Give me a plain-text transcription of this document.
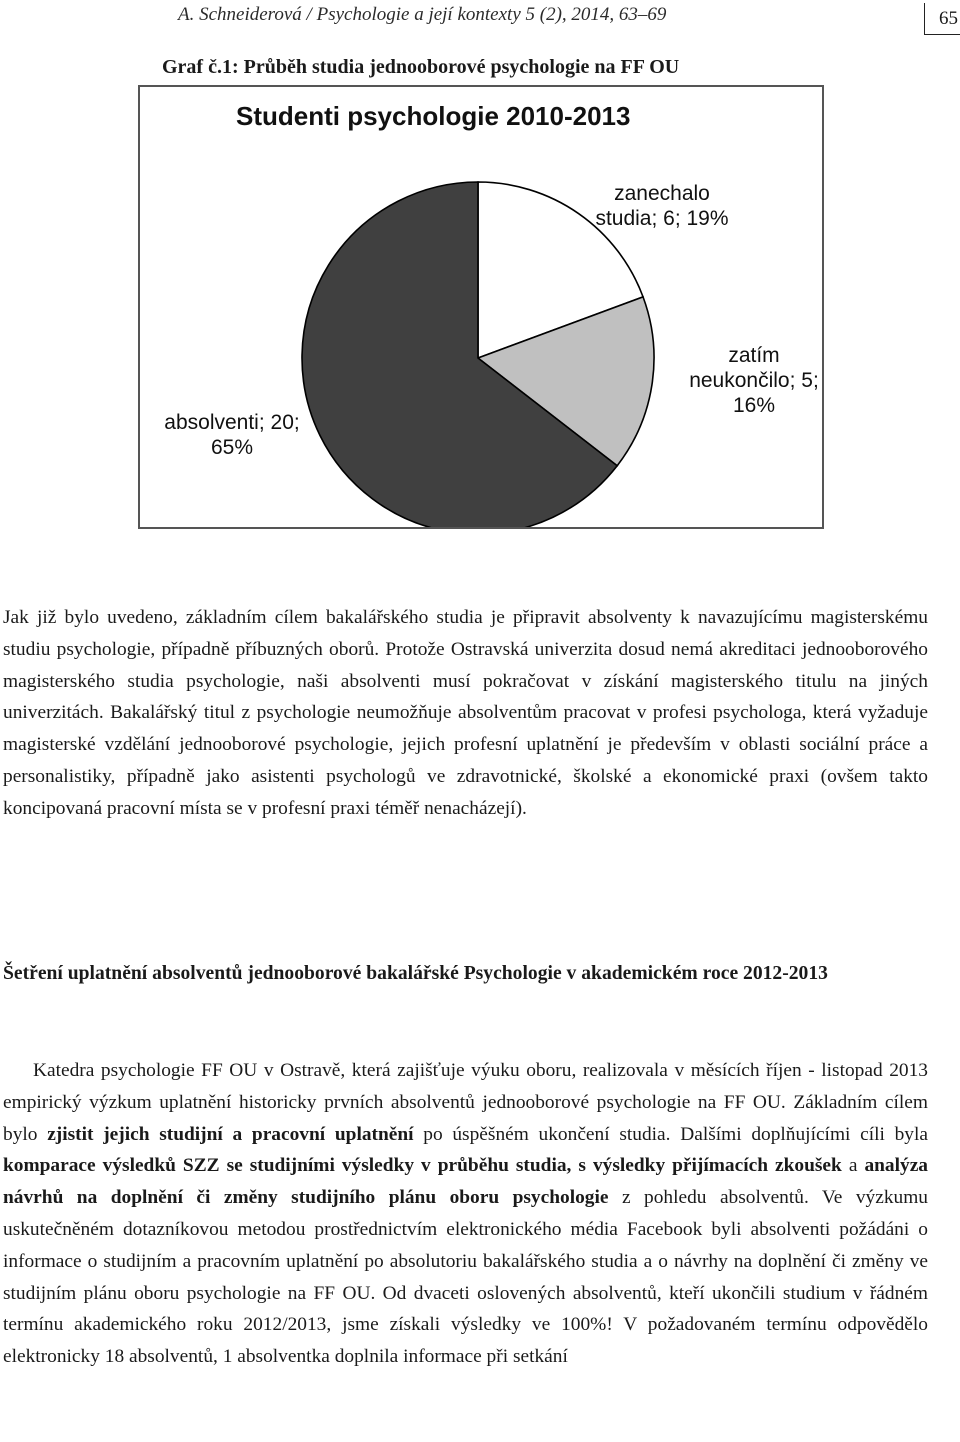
A. Schneiderová / Psychologie a její kontexty 5 (2), 2014, 63–69	65
Graf č.1: Průběh studia jednooborové psychologie na FF OU
Studenti psychologie 2010-2013
zanechalo studia; 6; 19%
zatím neukončilo; 5; 16%
absolventi; 20; 65%

Jak již bylo uvedeno, základním cílem bakalářského studia je připravit absolventy k navazujícímu magisterskému studiu psychologie, případně příbuzných oborů. Protože Ostravská univerzita dosud nemá akreditaci jednooborového magisterského studia psychologie, naši absolventi musí pokračovat v získání magisterského titulu na jiných univerzitách. Bakalářský titul z psychologie neumožňuje absolventům pracovat v profesi psychologa, která vyžaduje magisterské vzdělání jednooborové psychologie, jejich profesní uplatnění je především v oblasti sociální práce a personalistiky, případně jako asistenti psychologů ve zdravotnické, školské a ekonomické praxi (ovšem takto koncipovaná pracovní místa se v profesní praxi téměř nenacházejí).

Šetření uplatnění absolventů jednooborové bakalářské Psychologie v akademickém roce 2012-2013

Katedra psychologie FF OU v Ostravě, která zajišťuje výuku oboru, realizovala v měsících říjen - listopad 2013 empirický výzkum uplatnění historicky prvních absolventů jednooborové psychologie na FF OU. Základním cílem bylo zjistit jejich studijní a pracovní uplatnění po úspěšném ukončení studia. Dalšími doplňujícími cíli byla komparace výsledků SZZ se studijními výsledky v průběhu studia, s výsledky přijímacích zkoušek a analýza návrhů na doplnění či změny studijního plánu oboru psychologie z pohledu absolventů. Ve výzkumu uskutečněném dotazníkovou metodou prostřednictvím elektronického média Facebook byli absolventi požádáni o informace o studijním a pracovním uplatnění po absolutoriu bakalářského studia a o návrhy na doplnění či změny ve studijním plánu oboru psychologie na FF OU. Od dvaceti oslovených absolventů, kteří ukončili studium v řádném termínu akademického roku 2012/2013, jsme získali výsledky ve 100%! V požadovaném termínu odpovědělo elektronicky 18 absolventů, 1 absolventka doplnila informace při setkání
